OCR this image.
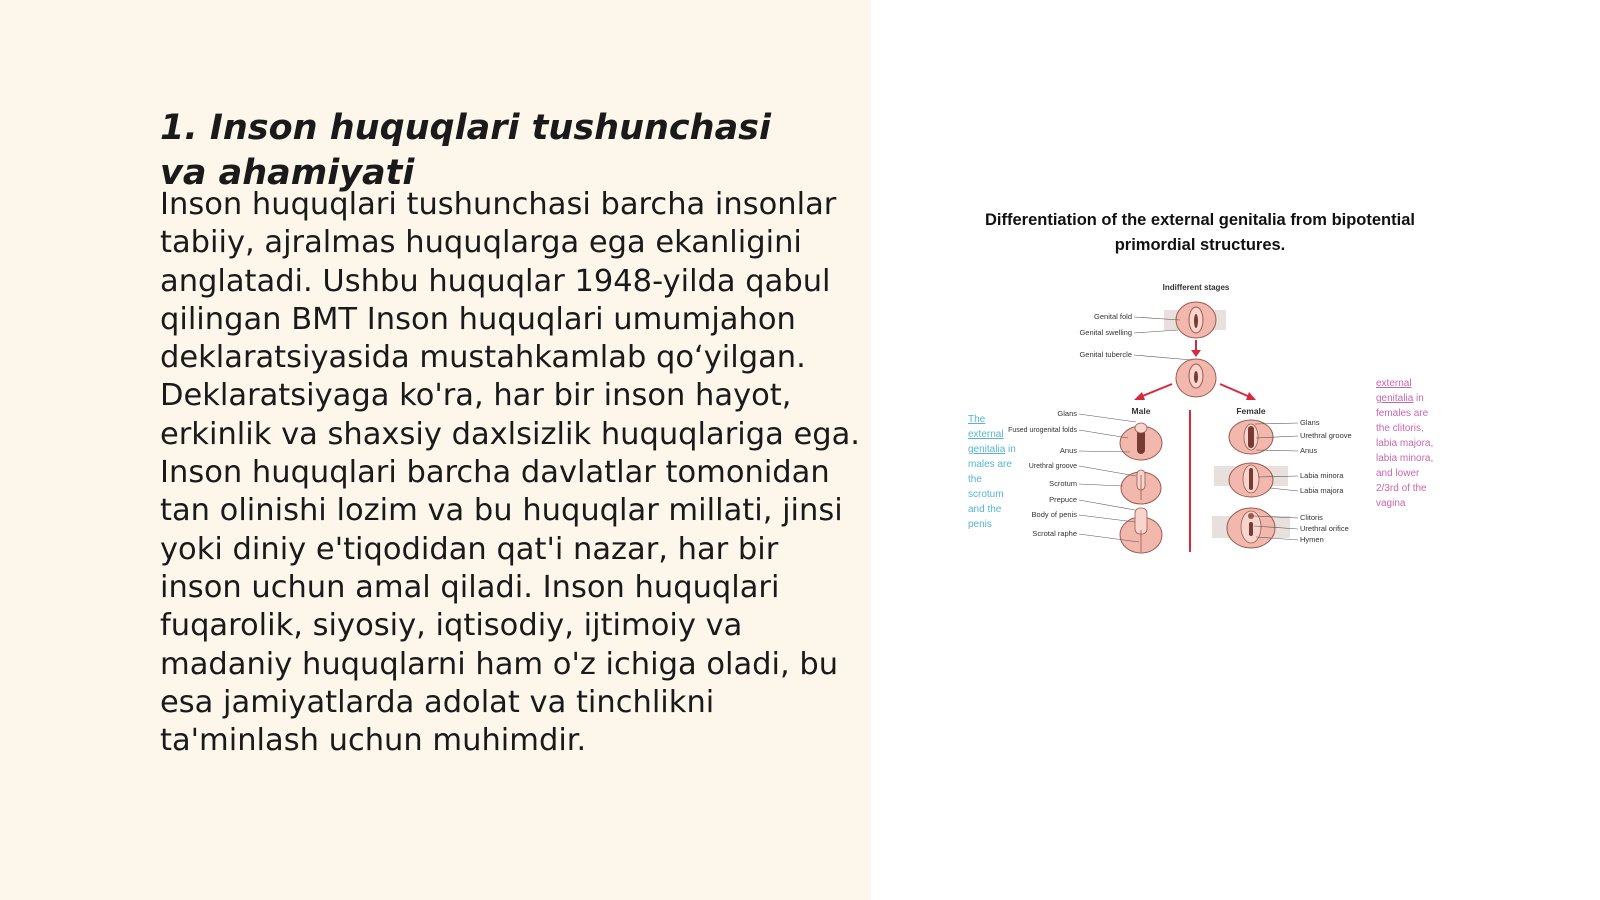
1. Inson huquqlari tushunchasi va ahamiyati

Inson huquqlari tushunchasi barcha insonlar tabiiy, ajralmas huquqlarga ega ekanligini anglatadi. Ushbu huquqlar 1948-yilda qabul qilingan BMT Inson huquqlari umumjahon deklaratsiyasida mustahkamlab qo‘yilgan. Deklaratsiyaga ko'ra, har bir inson hayot, erkinlik va shaxsiy daxlsizlik huquqlariga ega. Inson huquqlari barcha davlatlar tomonidan tan olinishi lozim va bu huquqlar millati, jinsi yoki diniy e'tiqodidan qat'i nazar, har bir inson uchun amal qiladi. Inson huquqlari fuqarolik, siyosiy, iqtisodiy, ijtimoiy va madaniy huquqlarni ham o'z ichiga oladi, bu esa jamiyatlarda adolat va tinchlikni ta'minlash uchun muhimdir.

Differentiation of the external genitalia from bipotential primordial structures.
Indifferent stages
Genital fold
Genital swelling
Genital tubercle
Male	Female
Glans
Fused urogenital folds
Anus
Urethral groove
Scrotum
Prepuce
Body of penis
Scrotal raphe
Glans
Urethral groove
Anus
Labia minora
Labia majora
Clitoris
Urethral orifice
Hymen
The external genitalia in males are the scrotum and the penis
external genitalia in females are the clitoris, labia majora, labia minora, and lower 2/3rd of the vagina
